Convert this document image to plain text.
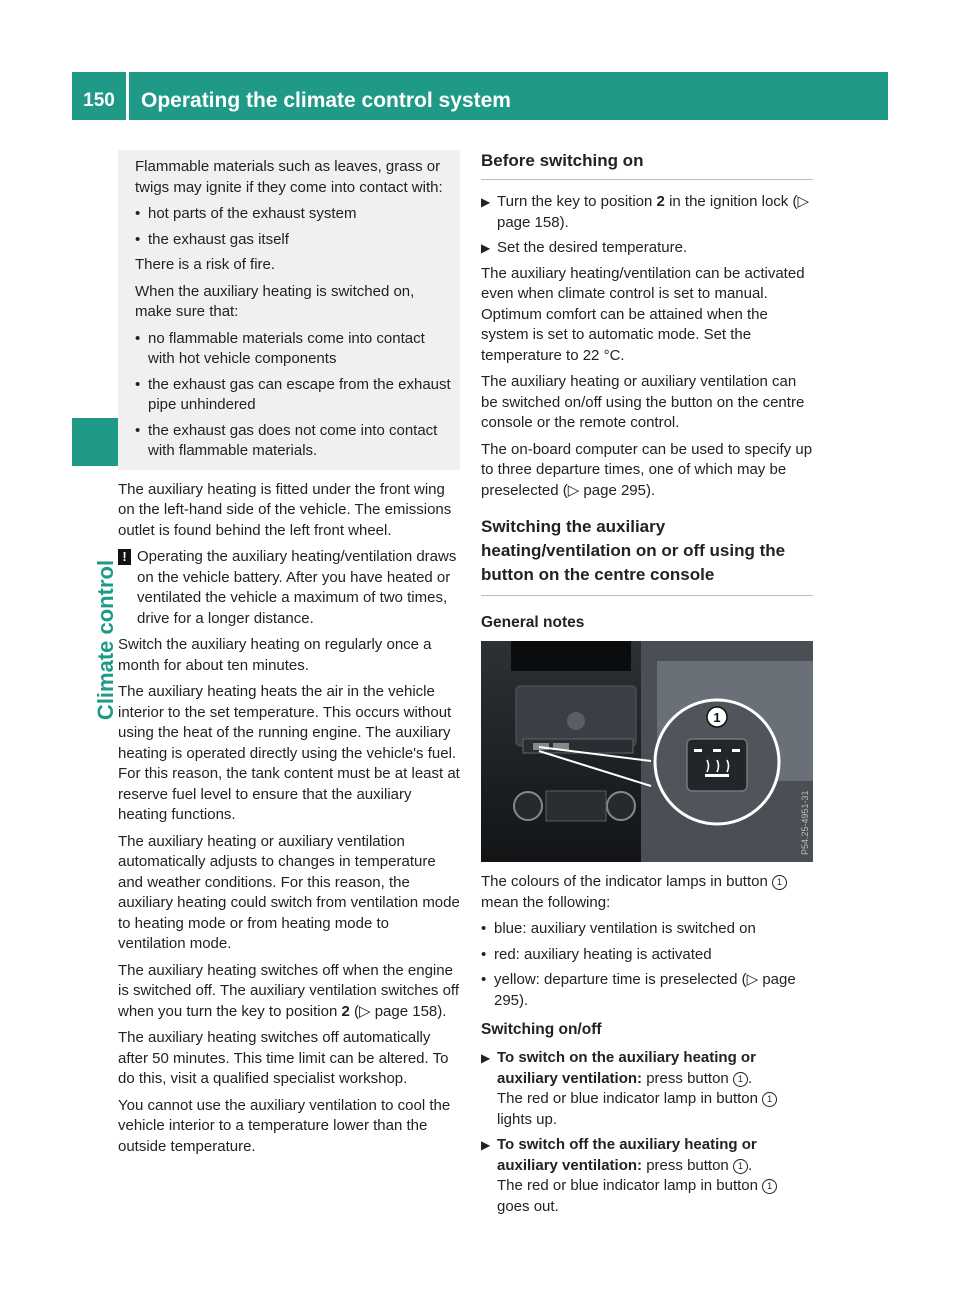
150	Operating the climate control system
Climate control

Flammable materials such as leaves, grass or twigs may ignite if they come into contact with:

• hot parts of the exhaust system
• the exhaust gas itself

There is a risk of fire.

When the auxiliary heating is switched on, make sure that:

• no flammable materials come into contact with hot vehicle components
• the exhaust gas can escape from the exhaust pipe unhindered
• the exhaust gas does not come into contact with flammable materials.

The auxiliary heating is fitted under the front wing on the left-hand side of the vehicle. The emissions outlet is found behind the left front wheel.

! Operating the auxiliary heating/ventilation draws on the vehicle battery. After you have heated or ventilated the vehicle a maximum of two times, drive for a longer distance.

Switch the auxiliary heating on regularly once a month for about ten minutes.

The auxiliary heating heats the air in the vehicle interior to the set temperature. This occurs without using the heat of the running engine. The auxiliary heating is operated directly using the vehicle's fuel. For this reason, the tank content must be at least at reserve fuel level to ensure that the auxiliary heating functions.

The auxiliary heating or auxiliary ventilation automatically adjusts to changes in temperature and weather conditions. For this reason, the auxiliary heating could switch from ventilation mode to heating mode or from heating mode to ventilation mode.

The auxiliary heating switches off when the engine is switched off. The auxiliary ventilation switches off when you turn the key to position 2 (▷ page 158).

The auxiliary heating switches off automatically after 50 minutes. This time limit can be altered. To do this, visit a qualified specialist workshop.

You cannot use the auxiliary ventilation to cool the vehicle interior to a temperature lower than the outside temperature.

Before switching on
▶ Turn the key to position 2 in the ignition lock (▷ page 158).
▶ Set the desired temperature.

The auxiliary heating/ventilation can be activated even when climate control is set to manual. Optimum comfort can be attained when the system is set to automatic mode. Set the temperature to 22 °C.

The auxiliary heating or auxiliary ventilation can be switched on/off using the button on the centre console or the remote control.

The on-board computer can be used to specify up to three departure times, one of which may be preselected (▷ page 295).

Switching the auxiliary heating/ventilation on or off using the button on the centre console
General notes
1
P54.25-4951-31

The colours of the indicator lamps in button 1 mean the following:

• blue: auxiliary ventilation is switched on
• red: auxiliary heating is activated
• yellow: departure time is preselected (▷ page 295).
Switching on/off
▶ To switch on the auxiliary heating or auxiliary ventilation: press button 1 .
The red or blue indicator lamp in button 1 lights up.
▶ To switch off the auxiliary heating or auxiliary ventilation: press button 1 .
The red or blue indicator lamp in button 1 goes out.
